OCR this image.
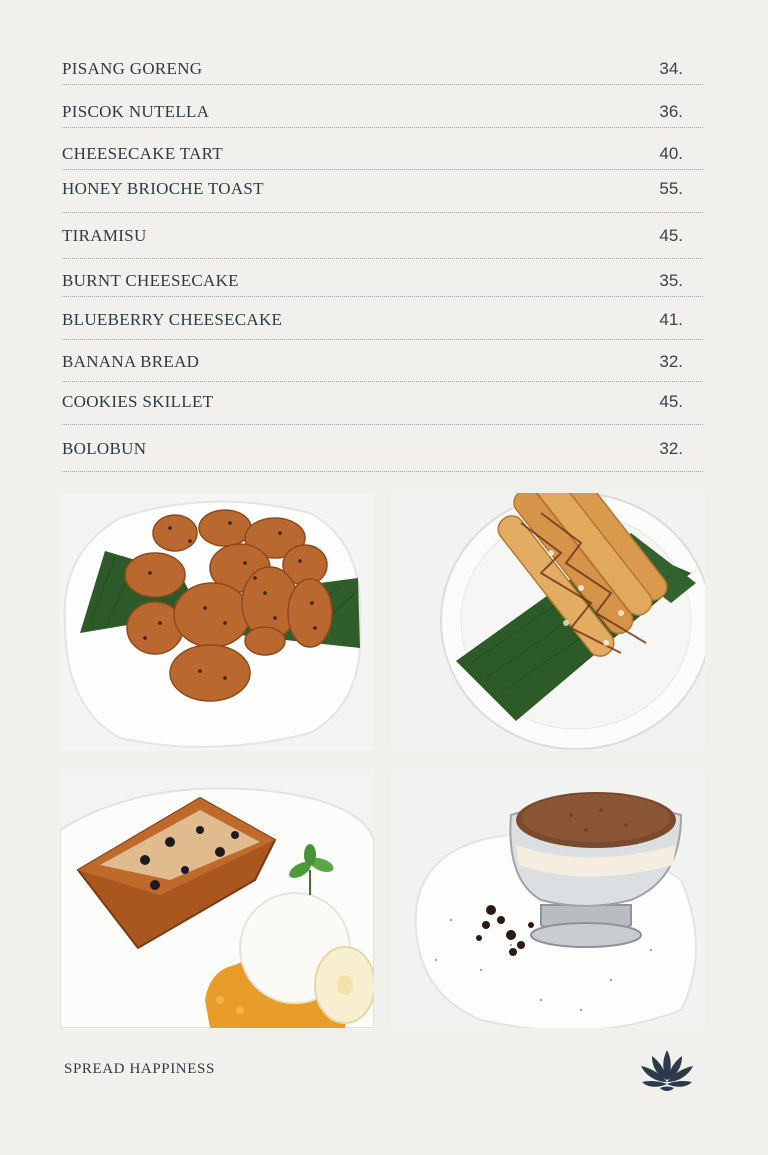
PISANG GORENG	34.
PISCOK NUTELLA	36.
CHEESECAKE TART	40.
HONEY BRIOCHE TOAST	55.
TIRAMISU	45.
BURNT CHEESECAKE	35.
BLUEBERRY CHEESECAKE	41.
BANANA BREAD	32.
COOKIES SKILLET	45.
BOLOBUN	32.
SPREAD HAPPINESS
